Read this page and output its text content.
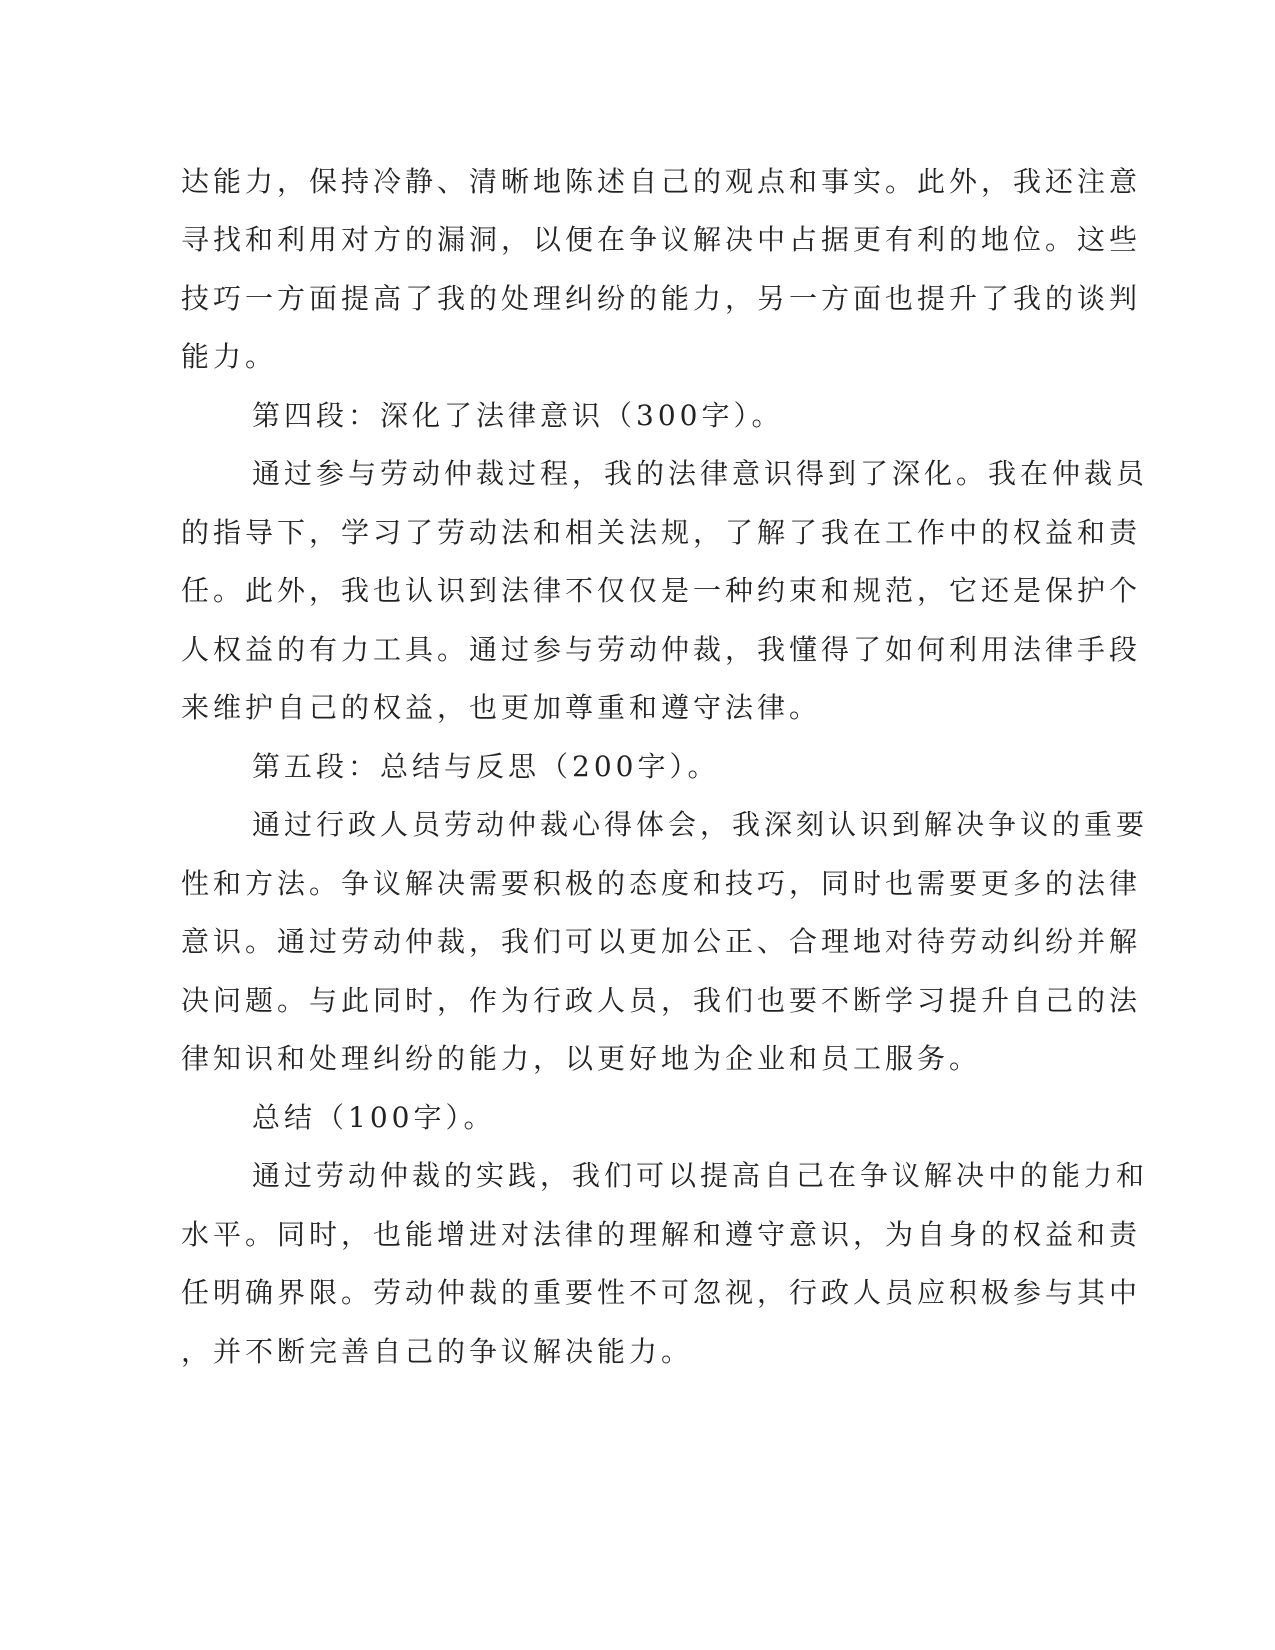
达能力，保持冷静、清晰地陈述自己的观点和事实。此外，我还注意
寻找和利用对方的漏洞，以便在争议解决中占据更有利的地位。这些
技巧一方面提高了我的处理纠纷的能力，另一方面也提升了我的谈判
能力。
第四段：深化了法律意识（300字）。
通过参与劳动仲裁过程，我的法律意识得到了深化。我在仲裁员
的指导下，学习了劳动法和相关法规，了解了我在工作中的权益和责
任。此外，我也认识到法律不仅仅是一种约束和规范，它还是保护个
人权益的有力工具。通过参与劳动仲裁，我懂得了如何利用法律手段
来维护自己的权益，也更加尊重和遵守法律。
第五段：总结与反思（200字）。
通过行政人员劳动仲裁心得体会，我深刻认识到解决争议的重要
性和方法。争议解决需要积极的态度和技巧，同时也需要更多的法律
意识。通过劳动仲裁，我们可以更加公正、合理地对待劳动纠纷并解
决问题。与此同时，作为行政人员，我们也要不断学习提升自己的法
律知识和处理纠纷的能力，以更好地为企业和员工服务。
总结（100字）。
通过劳动仲裁的实践，我们可以提高自己在争议解决中的能力和
水平。同时，也能增进对法律的理解和遵守意识，为自身的权益和责
任明确界限。劳动仲裁的重要性不可忽视，行政人员应积极参与其中
，并不断完善自己的争议解决能力。
